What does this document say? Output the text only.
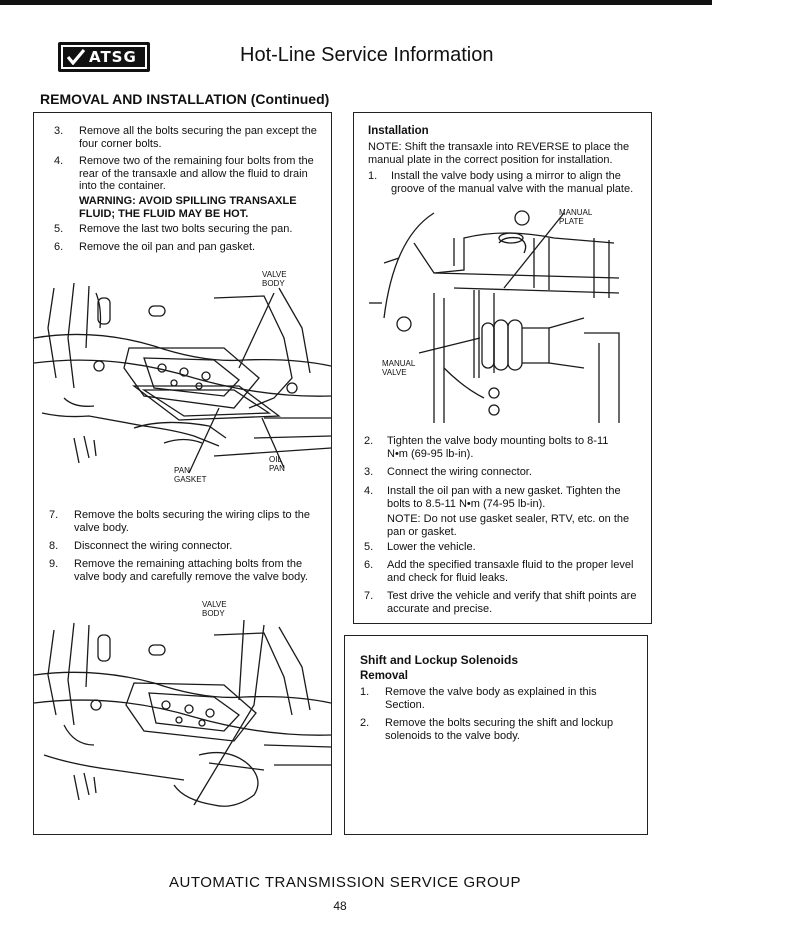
ATSG	Hot-Line Service Information
REMOVAL AND INSTALLATION (Continued)
3. Remove all the bolts securing the pan except the four corner bolts.
4. Remove two of the remaining four bolts from the rear of the transaxle and allow the fluid to drain into the container.
WARNING: AVOID SPILLING TRANSAXLE FLUID; THE FLUID MAY BE HOT.
5. Remove the last two bolts securing the pan.
6. Remove the oil pan and pan gasket.
VALVE BODY
PAN GASKET
OIL PAN
7. Remove the bolts securing the wiring clips to the valve body.
8. Disconnect the wiring connector.
9. Remove the remaining attaching bolts from the valve body and carefully remove the valve body.
VALVE BODY
Installation
NOTE: Shift the transaxle into REVERSE to place the manual plate in the correct position for installation.
1. Install the valve body using a mirror to align the groove of the manual valve with the manual plate.
MANUAL PLATE
MANUAL VALVE
2. Tighten the valve body mounting bolts to 8-11 N•m (69-95 lb-in).
3. Connect the wiring connector.
4. Install the oil pan with a new gasket. Tighten the bolts to 8.5-11 N•m (74-95 lb-in).
NOTE: Do not use gasket sealer, RTV, etc. on the pan or gasket.
5. Lower the vehicle.
6. Add the specified transaxle fluid to the proper level and check for fluid leaks.
7. Test drive the vehicle and verify that shift points are accurate and precise.
Shift and Lockup Solenoids
Removal
1. Remove the valve body as explained in this Section.
2. Remove the bolts securing the shift and lockup solenoids to the valve body.
AUTOMATIC TRANSMISSION SERVICE GROUP
48
